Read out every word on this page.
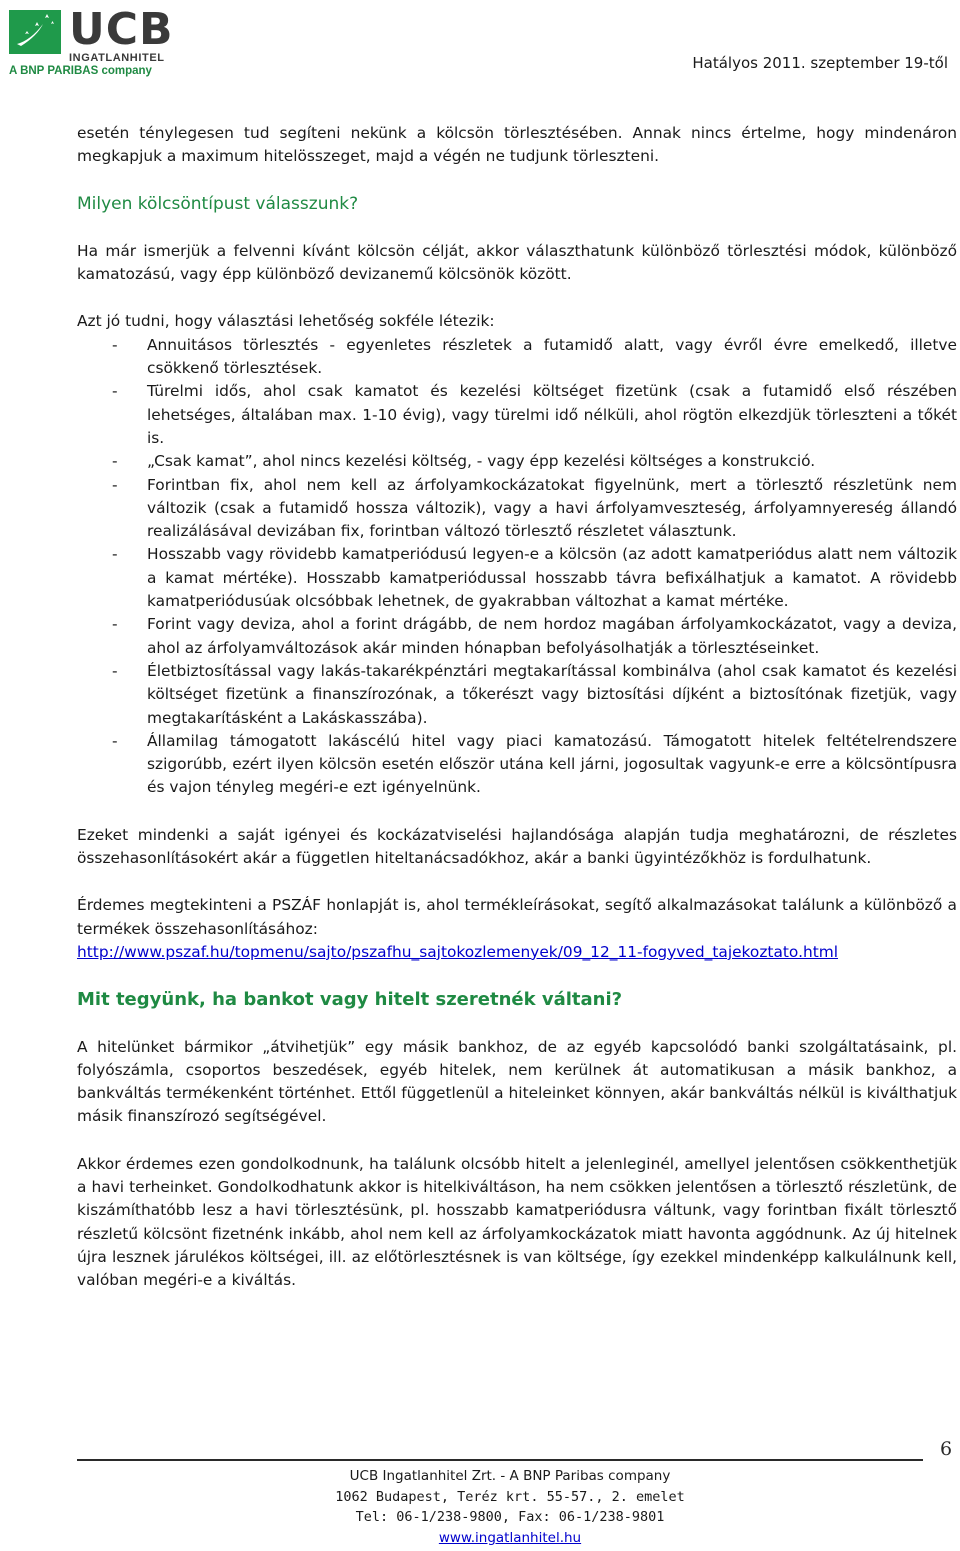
UCB
INGATLANHITEL
A BNP PARIBAS company	Hatályos 2011. szeptember 19-től

esetén ténylegesen tud segíteni nekünk a kölcsön törlesztésében. Annak nincs értelme, hogy mindenáron megkapjuk a maximum hitelösszeget, majd a végén ne tudjunk törleszteni.

Milyen kölcsöntípust válasszunk?

Ha már ismerjük a felvenni kívánt kölcsön célját, akkor választhatunk különböző törlesztési módok, különböző kamatozású, vagy épp különböző devizanemű kölcsönök között.

Azt jó tudni, hogy választási lehetőség sokféle létezik:

- Annuitásos törlesztés - egyenletes részletek a futamidő alatt, vagy évről évre emelkedő, illetve csökkenő törlesztések.
- Türelmi idős, ahol csak kamatot és kezelési költséget fizetünk (csak a futamidő első részében lehetséges, általában max. 1-10 évig), vagy türelmi idő nélküli, ahol rögtön elkezdjük törleszteni a tőkét is.
- „Csak kamat”, ahol nincs kezelési költség, - vagy épp kezelési költséges a konstrukció.
- Forintban fix, ahol nem kell az árfolyamkockázatokat figyelnünk, mert a törlesztő részletünk nem változik (csak a futamidő hossza változik), vagy a havi árfolyamveszteség, árfolyamnyereség állandó realizálásával devizában fix, forintban változó törlesztő részletet választunk.
- Hosszabb vagy rövidebb kamatperiódusú legyen-e a kölcsön (az adott kamatperiódus alatt nem változik a kamat mértéke). Hosszabb kamatperiódussal hosszabb távra befixálhatjuk a kamatot. A rövidebb kamatperiódusúak olcsóbbak lehetnek, de gyakrabban változhat a kamat mértéke.
- Forint vagy deviza, ahol a forint drágább, de nem hordoz magában árfolyamkockázatot, vagy a deviza, ahol az árfolyamváltozások akár minden hónapban befolyásolhatják a törlesztéseinket.
- Életbiztosítással vagy lakás-takarékpénztári megtakarítással kombinálva (ahol csak kamatot és kezelési költséget fizetünk a finanszírozónak, a tőkerészt vagy biztosítási díjként a biztosítónak fizetjük, vagy megtakarításként a Lakáskasszába).
- Állami​lag támogatott lakáscélú hitel vagy piaci kamatozású. Támogatott hitelek feltételrendszere szigorúbb, ezért ilyen kölcsön esetén először utána kell járni, jogosultak vagyunk-e erre a kölcsöntípusra és vajon tényleg megéri-e ezt igényelnünk.

Ezeket mindenki a saját igényei és kockázatviselési hajlandósága alapján tudja meghatározni, de részletes összehasonlításokért akár a független hiteltanácsadókhoz, akár a banki ügyintézőkhöz is fordulhatunk.

Érdemes megtekinteni a PSZÁF honlapját is, ahol termékleírásokat, segítő alkalmazásokat találunk a különböző a termékek összehasonlításához:

http://www.pszaf.hu/topmenu/sajto/pszafhu_sajtokozlemenyek/09_12_11-fogyved_tajekoztato.html

Mit tegyünk, ha bankot vagy hitelt szeretnék váltani?

A hitelünket bármikor „átvihetjük” egy másik bankhoz, de az egyéb kapcsolódó banki szolgáltatásaink, pl. folyószámla, csoportos beszedések, egyéb hitelek, nem kerülnek át automatikusan a másik bankhoz, a bankváltás termékenként történhet. Ettől függetlenül a hiteleinket könnyen, akár bankváltás nélkül is kiválthatjuk másik finanszírozó segítségével.

Akkor érdemes ezen gondolkodnunk, ha találunk olcsóbb hitelt a jelenleginél, amellyel jelentősen csökkenthetjük a havi terheinket. Gondolkodhatunk akkor is hitelkiváltáson, ha nem csökken jelentősen a törlesztő részletünk, de kiszámíthatóbb lesz a havi törlesztésünk, pl. hosszabb kamatperiódusra váltunk, vagy forintban fixált törlesztő részletű kölcsönt fizetnénk inkább, ahol nem kell az árfolyamkockázatok miatt havonta aggódnunk. Az új hitelnek újra lesznek járulékos költségei, ill. az előtörlesztésnek is van költsége, így ezekkel mindenképp kalkulálnunk kell, valóban megéri-e a kiváltás.

6
UCB Ingatlanhitel Zrt. - A BNP Paribas company
1062 Budapest, Teréz krt. 55-57., 2. emelet
Tel: 06-1/238-9800, Fax: 06-1/238-9801
www.ingatlanhitel.hu
